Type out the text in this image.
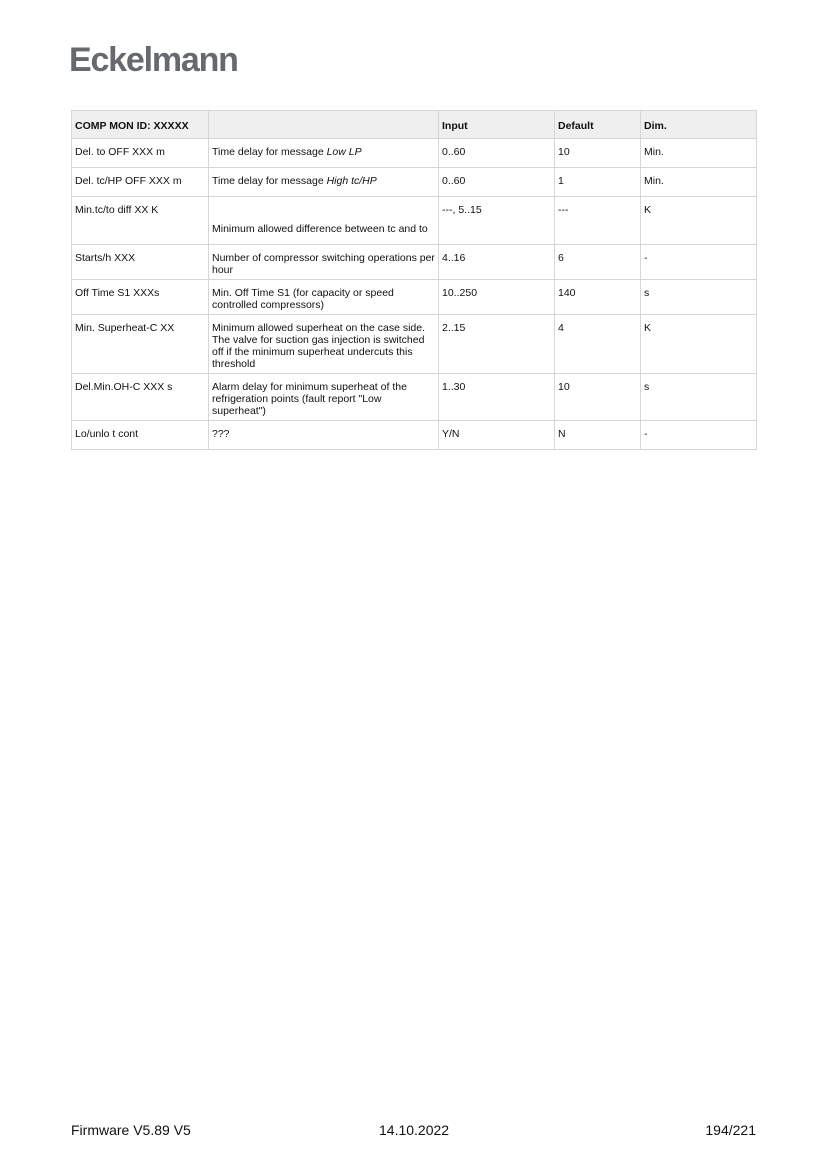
Eckelmann
COMP MON ID: XXXXX		Input	Default	Dim.
Del. to OFF XXX m	Time delay for message Low LP	0..60	10	Min.
Del. tc/HP OFF XXX m	Time delay for message High tc/HP	0..60	1	Min.
Min.tc/to diff XX K	Minimum allowed difference between tc and to	---, 5..15	---	K
Starts/h XXX	Number of compressor switching operations per hour	4..16	6	-
Off Time S1 XXXs	Min. Off Time S1 (for capacity or speed controlled compressors)	10..250	140	s
Min. Superheat-C XX	Minimum allowed superheat on the case side. The valve for suction gas injection is switched off if the minimum superheat undercuts this threshold	2..15	4	K
Del.Min.OH-C XXX s	Alarm delay for minimum superheat of the refrigeration points (fault report "Low superheat")	1..30	10	s
Lo/unlo t cont	???	Y/N	N	-
Firmware V5.89 V5	14.10.2022	194/221
